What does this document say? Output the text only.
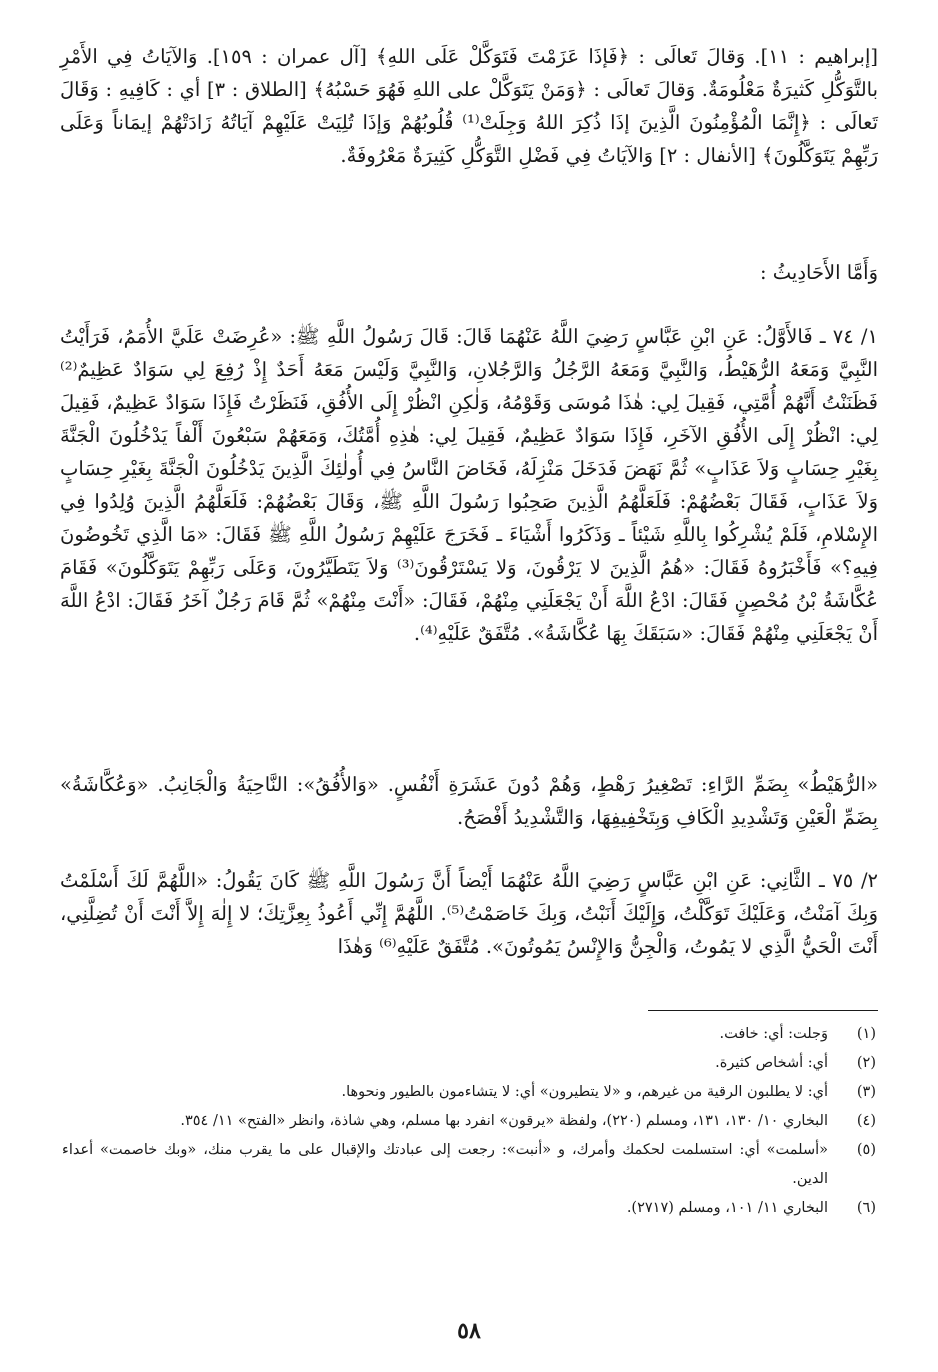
[إبراهيم : ١١]. وَقالَ تَعالَى : ﴿فَإذَا عَزَمْتَ فَتَوَكَّلْ عَلَى اللهِ﴾ [آل عمران : ١٥٩]. وَالآيَاتُ فِي الأَمْرِ بالتَّوَكُّلِ كَثيرَةٌ مَعْلُومَةٌ. وَقالَ تَعالَى : ﴿وَمَنْ يَتَوَكَّلْ على اللهِ فَهُوَ حَسْبُهُ﴾ [الطلاق : ٣] أي : كَافِيهِ : وَقَالَ تَعالَى : ﴿إِنَّمَا الْمُؤْمِنُونَ الَّذِينَ إذَا ذُكِرَ اللهُ وَجِلَتْ⁽¹⁾ قُلُوبُهُمْ وَإذَا تُلِيَتْ عَلَيْهِمْ آيَاتُهُ زَادَتْهُمْ إيمَاناً وَعَلَى رَبِّهِمْ يَتَوَكَّلُونَ﴾ [الأنفال : ٢] وَالآيَاتُ فِي فَضْلِ التَّوَكُّلِ كَثِيرَةٌ مَعْرُوفَةٌ.

وَأَمَّا الأَحَادِيثُ :

١/ ٧٤ ـ فَالأَوَّلُ: عَنِ ابْنِ عَبَّاسٍ رَضِيَ اللَّهُ عَنْهُمَا قَالَ: قَالَ رَسُولُ اللَّهِ ﷺ: «عُرِضَتْ عَلَيَّ الأُمَمُ، فَرَأَيْتُ النَّبِيَّ وَمَعَهُ الرُّهَيْطُ، وَالنَّبِيَّ وَمَعَهُ الرَّجُلُ وَالرَّجُلانِ، وَالنَّبِيَّ وَلَيْسَ مَعَهُ أَحَدٌ إِذْ رُفِعَ لِي سَوَادٌ عَظِيمٌ⁽²⁾ فَظَنَنْتُ أَنَّهُمْ أُمَّتِي، فَقِيلَ لِي: هٰذَا مُوسَى وَقَوْمُهُ، وَلٰكِنِ انْظُرْ إِلَى الأُفُقِ، فَنَظَرْتُ فَإِذَا سَوَادٌ عَظِيمٌ، فَقِيلَ لِي: انْظُرْ إِلَى الأُفُقِ الآخَرِ، فَإِذَا سَوَادٌ عَظِيمٌ، فَقِيلَ لِي: هٰذِهِ أُمَّتُكَ، وَمَعَهُمْ سَبْعُونَ أَلْفاً يَدْخُلُونَ الْجَنَّةَ بِغَيْرِ حِسَابٍ وَلاَ عَذَابٍ» ثُمَّ نَهَضَ فَدَخَلَ مَنْزِلَهُ، فَخَاضَ النَّاسُ فِي أُولٰئِكَ الَّذِينَ يَدْخُلُونَ الْجَنَّةَ بِغَيْرِ حِسَابٍ وَلاَ عَذَابٍ، فَقَالَ بَعْضُهُمْ: فَلَعَلَّهُمُ الَّذِينَ صَحِبُوا رَسُولَ اللَّهِ ﷺ، وَقَالَ بَعْضُهُمْ: فَلَعَلَّهُمُ الَّذِينَ وُلِدُوا فِي الإِسْلامِ، فَلَمْ يُشْرِكُوا بِاللَّهِ شَيْئاً ـ وَذَكَرُوا أَشْيَاءَ ـ فَخَرَجَ عَلَيْهِمْ رَسُولُ اللَّهِ ﷺ فَقَالَ: «مَا الَّذِي تَخُوضُونَ فِيهِ؟» فَأَخْبَرُوهُ فَقَالَ: «هُمُ الَّذِينَ لا يَرْقُونَ، وَلا يَسْتَرْقُونَ⁽³⁾ وَلاَ يَتَطَيَّرُونَ، وَعَلَى رَبِّهِمْ يَتَوَكَّلُونَ» فَقَامَ عُكَّاشَةُ بْنُ مُحْصِنٍ فَقَالَ: ادْعُ اللَّهَ أَنْ يَجْعَلَنِي مِنْهُمْ، فَقَالَ: «أَنْتَ مِنْهُمْ» ثُمَّ قَامَ رَجُلٌ آخَرُ فَقَالَ: ادْعُ اللَّهَ أَنْ يَجْعَلَنِي مِنْهُمْ فَقَالَ: «سَبَقَكَ بِهَا عُكَّاشَةُ». مُتَّفَقٌ عَلَيْهِ⁽⁴⁾.

«الرُّهَيْطُ» بِضَمِّ الرَّاءِ: تَصْغِيرُ رَهْطٍ، وَهُمْ دُونَ عَشَرَةِ أَنْفُسٍ. «وَالأُفُقُ»: النَّاحِيَةُ وَالْجَانِبُ. «وَعُكَّاشَةُ» بِضَمِّ الْعَيْنِ وَتَشْدِيدِ الْكَافِ وَبِتَخْفِيفِهَا، وَالتَّشْدِيدُ أَفْصَحُ.

٢/ ٧٥ ـ الثَّانِي: عَنِ ابْنِ عَبَّاسٍ رَضِيَ اللَّهُ عَنْهُمَا أَيْضاً أَنَّ رَسُولَ اللَّهِ ﷺ كَانَ يَقُولُ: «اللَّهُمَّ لَكَ أَسْلَمْتُ وَبِكَ آمَنْتُ، وَعَلَيْكَ تَوَكَّلْتُ، وَإِلَيْكَ أَنَبْتُ، وَبِكَ خَاصَمْتُ⁽⁵⁾. اللَّهُمَّ إِنِّي أَعُوذُ بِعِزَّتِكَ؛ لا إِلٰهَ إِلاَّ أَنْتَ أَنْ تُضِلَّنِي، أَنْتَ الْحَيُّ الَّذِي لا يَمُوتُ، وَالْجِنُّ وَالإِنْسُ يَمُوتُونَ». مُتَّفَقٌ عَلَيْهِ⁽⁶⁾ وَهٰذَا

(١)
وَجلت: أي: خافت.
(٢)
أي: أشخاص كثيرة.
(٣)
أي: لا يطلبون الرقية من غيرهم، و «لا يتطيرون» أي: لا يتشاءمون بالطيور ونحوها.
(٤)
البخاري ١٠/ ١٣٠، ١٣١، ومسلم (٢٢٠)، ولفظة «يرقون» انفرد بها مسلم، وهي شاذة، وانظر «الفتح» ١١/ ٣٥٤.
(٥)
«أسلمت» أي: استسلمت لحكمك وأمرك، و «أنبت»: رجعت إلى عبادتك والإقبال على ما يقرب منك، «وبك خاصمت» أعداء الدين.
(٦)
البخاري ١١/ ١٠١، ومسلم (٢٧١٧).
٥٨
